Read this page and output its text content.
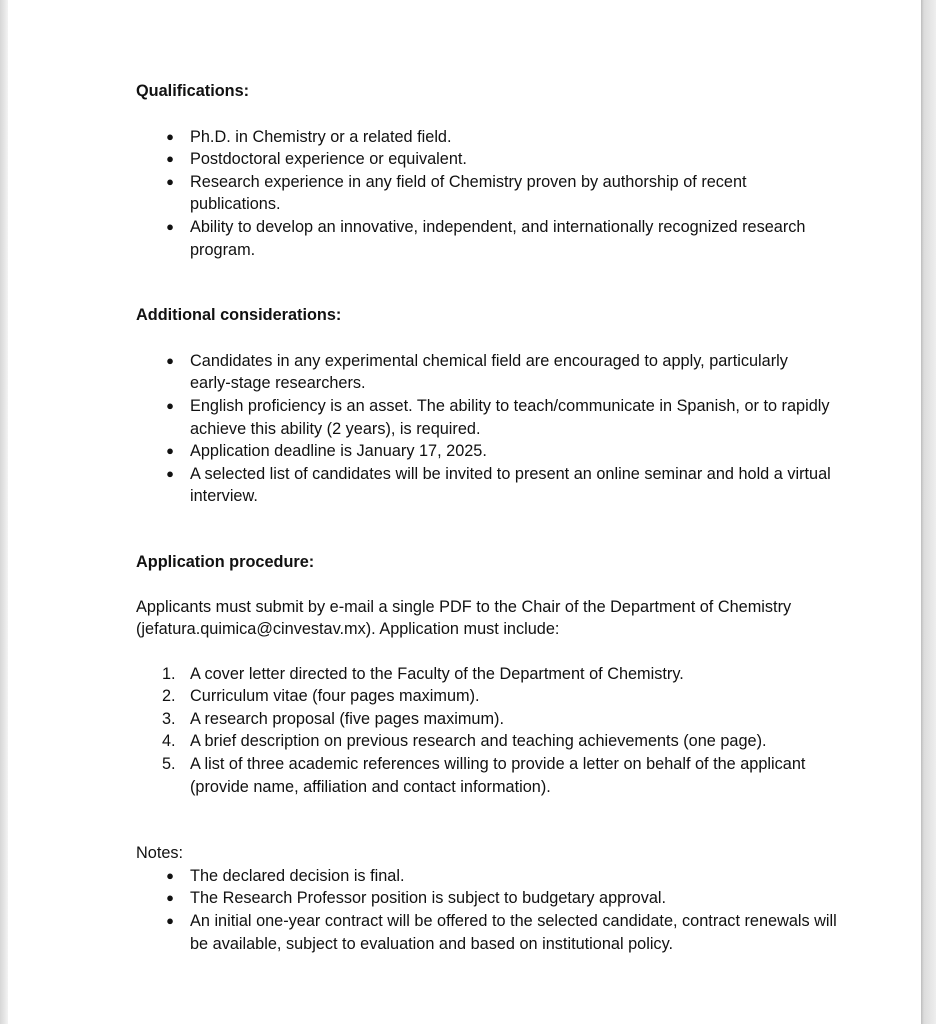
Qualifications:

● Ph.D. in Chemistry or a related field.
● Postdoctoral experience or equivalent.
● Research experience in any field of Chemistry proven by authorship of recent publications.
● Ability to develop an innovative, independent, and internationally recognized research program.

Additional considerations:

● Candidates in any experimental chemical field are encouraged to apply, particularly early-stage researchers.
● English proficiency is an asset. The ability to teach/communicate in Spanish, or to rapidly achieve this ability (2 years), is required.
● Application deadline is January 17, 2025.
● A selected list of candidates will be invited to present an online seminar and hold a virtual interview.

Application procedure:

Applicants must submit by e-mail a single PDF to the Chair of the Department of Chemistry (jefatura.quimica@cinvestav.mx). Application must include:

1. A cover letter directed to the Faculty of the Department of Chemistry.
2. Curriculum vitae (four pages maximum).
3. A research proposal (five pages maximum).
4. A brief description on previous research and teaching achievements (one page).
5. A list of three academic references willing to provide a letter on behalf of the applicant (provide name, affiliation and contact information).

Notes:

● The declared decision is final.
● The Research Professor position is subject to budgetary approval.
● An initial one-year contract will be offered to the selected candidate, contract renewals will be available, subject to evaluation and based on institutional policy.
